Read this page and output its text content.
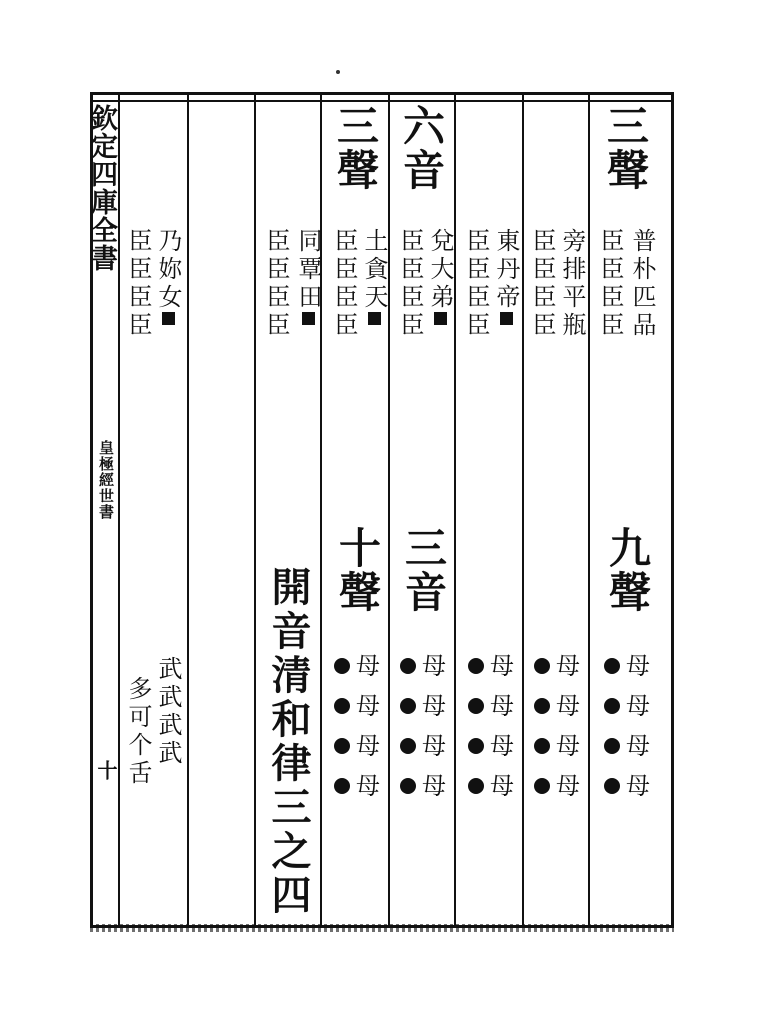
欽定四庫全書
皇極經世書
十
三聲
普朴匹品
臣臣臣臣
九聲
旁排平瓶
臣臣臣臣
東丹帝
臣臣臣臣
六音
兌大弟
臣臣臣臣
三音
三聲
土貪天
臣臣臣臣
十聲
同覃田
臣臣臣臣
開音清和律三之四	母
母
母
母
母
母
母
母
母
母
母
母
母
母
母
母
母
母
母
母
乃妳女
臣臣臣臣
武武武武
多可个舌
